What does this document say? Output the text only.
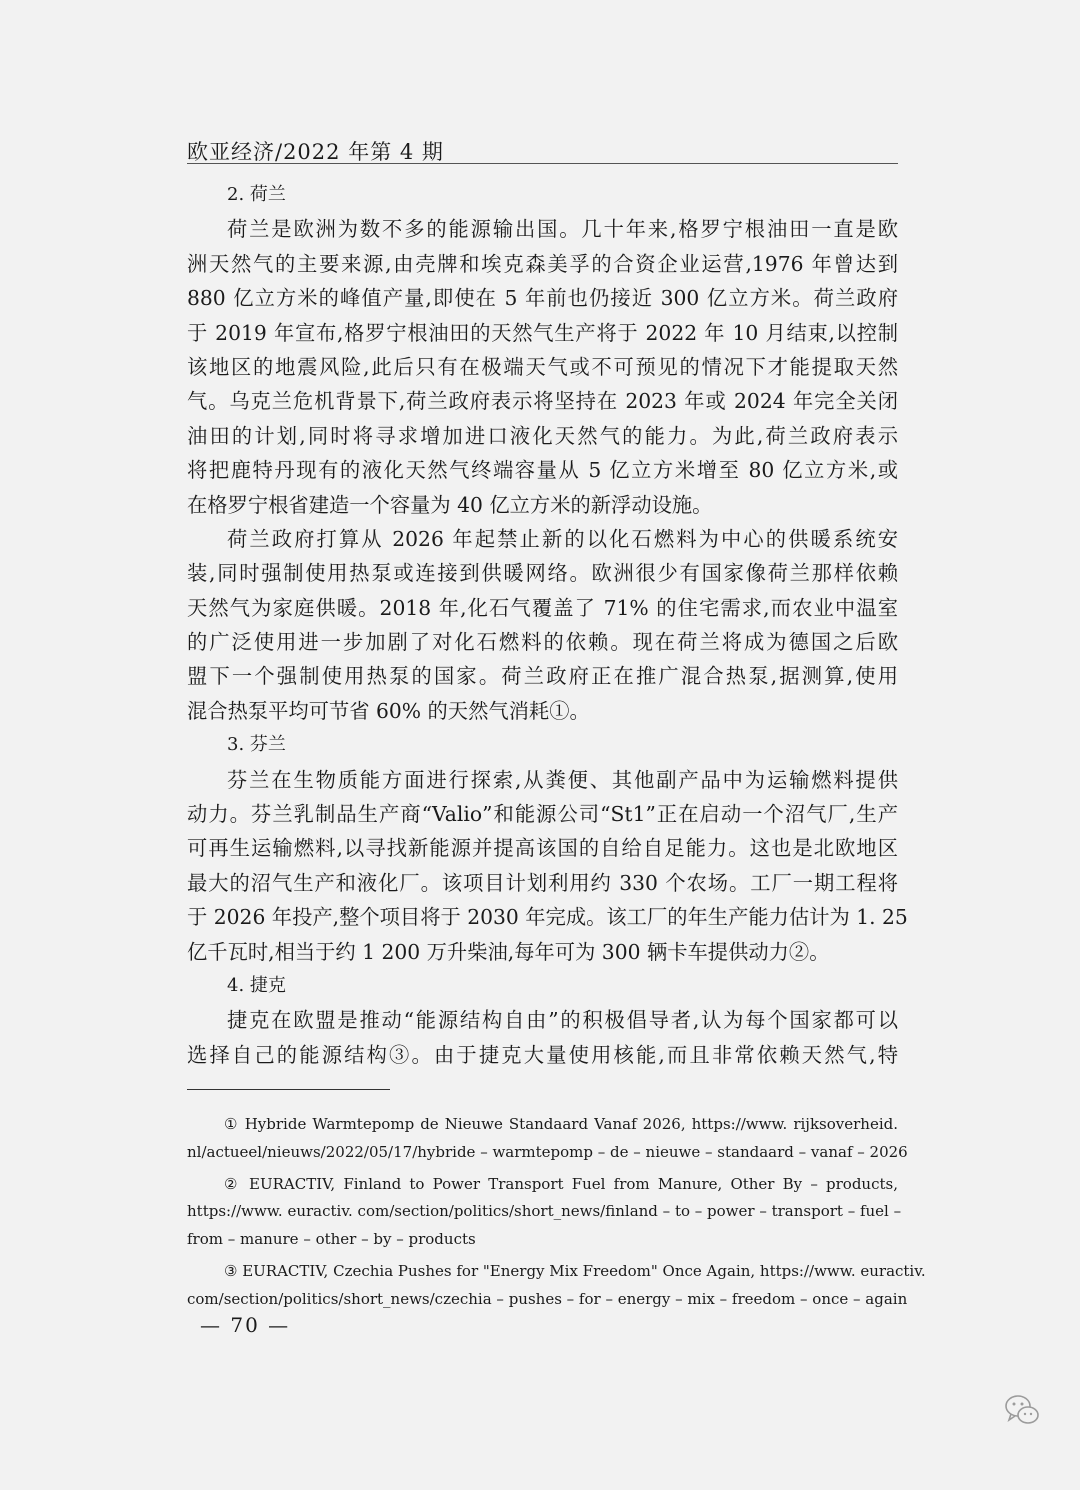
欧亚经济/2022 年第 4 期
2. 荷兰
荷兰是欧洲为数不多的能源输出国。几十年来,格罗宁根油田一直是欧
洲天然气的主要来源,由壳牌和埃克森美孚的合资企业运营,1976 年曾达到
880 亿立方米的峰值产量,即使在 5 年前也仍接近 300 亿立方米。荷兰政府
于 2019 年宣布,格罗宁根油田的天然气生产将于 2022 年 10 月结束,以控制
该地区的地震风险,此后只有在极端天气或不可预见的情况下才能提取天然
气。乌克兰危机背景下,荷兰政府表示将坚持在 2023 年或 2024 年完全关闭
油田的计划,同时将寻求增加进口液化天然气的能力。为此,荷兰政府表示
将把鹿特丹现有的液化天然气终端容量从 5 亿立方米增至 80 亿立方米,或
在格罗宁根省建造一个容量为 40 亿立方米的新浮动设施。
荷兰政府打算从 2026 年起禁止新的以化石燃料为中心的供暖系统安
装,同时强制使用热泵或连接到供暖网络。欧洲很少有国家像荷兰那样依赖
天然气为家庭供暖。2018 年,化石气覆盖了 71% 的住宅需求,而农业中温室
的广泛使用进一步加剧了对化石燃料的依赖。现在荷兰将成为德国之后欧
盟下一个强制使用热泵的国家。荷兰政府正在推广混合热泵,据测算,使用
混合热泵平均可节省 60% 的天然气消耗①。
3. 芬兰
芬兰在生物质能方面进行探索,从粪便、其他副产品中为运输燃料提供
动力。芬兰乳制品生产商“Valio”和能源公司“St1”正在启动一个沼气厂,生产
可再生运输燃料,以寻找新能源并提高该国的自给自足能力。这也是北欧地区
最大的沼气生产和液化厂。该项目计划利用约 330 个农场。工厂一期工程将
于 2026 年投产,整个项目将于 2030 年完成。该工厂的年生产能力估计为 1. 25
亿千瓦时,相当于约 1 200 万升柴油,每年可为 300 辆卡车提供动力②。
4. 捷克
捷克在欧盟是推动“能源结构自由”的积极倡导者,认为每个国家都可以
选择自己的能源结构③。由于捷克大量使用核能,而且非常依赖天然气,特
① Hybride Warmtepomp de Nieuwe Standaard Vanaf 2026, https://www. rijksoverheid.
nl/actueel/nieuws/2022/05/17/hybride – warmtepomp – de – nieuwe – standaard – vanaf – 2026
② EURACTIV, Finland to Power Transport Fuel from Manure, Other By – products,
https://www. euractiv. com/section/politics/short_news/finland – to – power – transport – fuel –
from – manure – other – by – products
③ EURACTIV, Czechia Pushes for "Energy Mix Freedom" Once Again, https://www. euractiv.
com/section/politics/short_news/czechia – pushes – for – energy – mix – freedom – once – again
— 70 —
